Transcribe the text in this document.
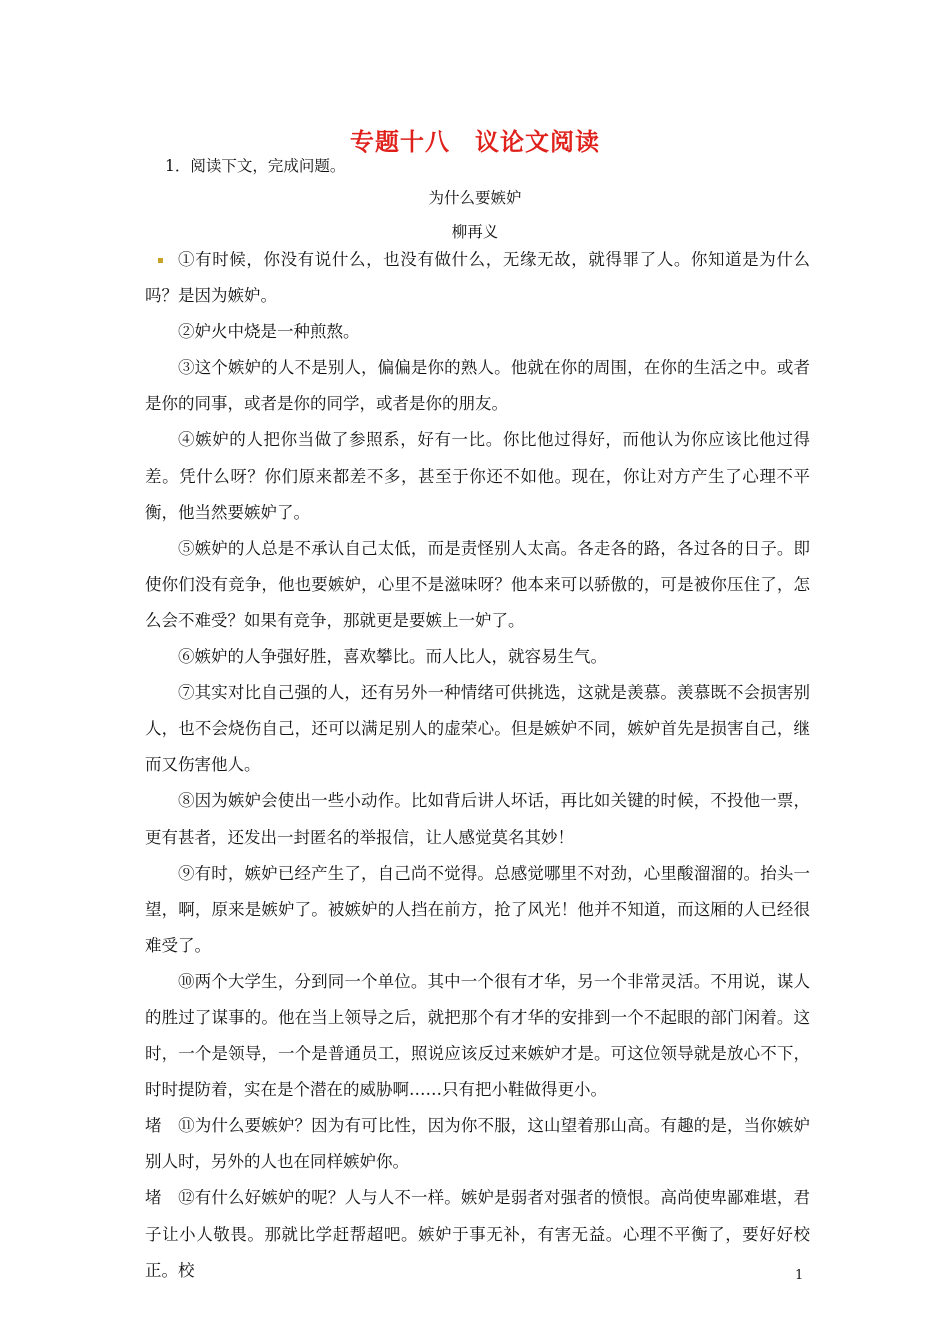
专题十八　议论文阅读
1．阅读下文，完成问题。
为什么要嫉妒
柳再义

①有时候，你没有说什么，也没有做什么，无缘无故，就得罪了人。你知道是为什么吗？是因为嫉妒。

②妒火中烧是一种煎熬。

③这个嫉妒的人不是别人，偏偏是你的熟人。他就在你的周围，在你的生活之中。或者是你的同事，或者是你的同学，或者是你的朋友。

④嫉妒的人把你当做了参照系，好有一比。你比他过得好，而他认为你应该比他过得差。凭什么呀？你们原来都差不多，甚至于你还不如他。现在，你让对方产生了心理不平衡，他当然要嫉妒了。

⑤嫉妒的人总是不承认自己太低，而是责怪别人太高。各走各的路，各过各的日子。即使你们没有竞争，他也要嫉妒，心里不是滋味呀？他本来可以骄傲的，可是被你压住了，怎么会不难受？如果有竞争，那就更是要嫉上一妒了。

⑥嫉妒的人争强好胜，喜欢攀比。而人比人，就容易生气。

⑦其实对比自己强的人，还有另外一种情绪可供挑选，这就是羡慕。羡慕既不会损害别人，也不会烧伤自己，还可以满足别人的虚荣心。但是嫉妒不同，嫉妒首先是损害自己，继而又伤害他人。

⑧因为嫉妒会使出一些小动作。比如背后讲人坏话，再比如关键的时候，不投他一票，更有甚者，还发出一封匿名的举报信，让人感觉莫名其妙！

⑨有时，嫉妒已经产生了，自己尚不觉得。总感觉哪里不对劲，心里酸溜溜的。抬头一望，啊，原来是嫉妒了。被嫉妒的人挡在前方，抢了风光！他并不知道，而这厢的人已经很难受了。

⑩两个大学生，分到同一个单位。其中一个很有才华，另一个非常灵活。不用说，谋人的胜过了谋事的。他在当上领导之后，就把那个有才华的安排到一个不起眼的部门闲着。这时，一个是领导，一个是普通员工，照说应该反过来嫉妒才是。可这位领导就是放心不下，时时提防着，实在是个潜在的威胁啊……只有把小鞋做得更小。

堵 ⑪为什么要嫉妒？因为有可比性，因为你不服，这山望着那山高。有趣的是，当你嫉妒别人时，另外的人也在同样嫉妒你。

堵 ⑫有什么好嫉妒的呢？人与人不一样。嫉妒是弱者对强者的愤恨。高尚使卑鄙难堪，君子让小人敬畏。那就比学赶帮超吧。嫉妒于事无补，有害无益。心理不平衡了，要好好校正。校	1
